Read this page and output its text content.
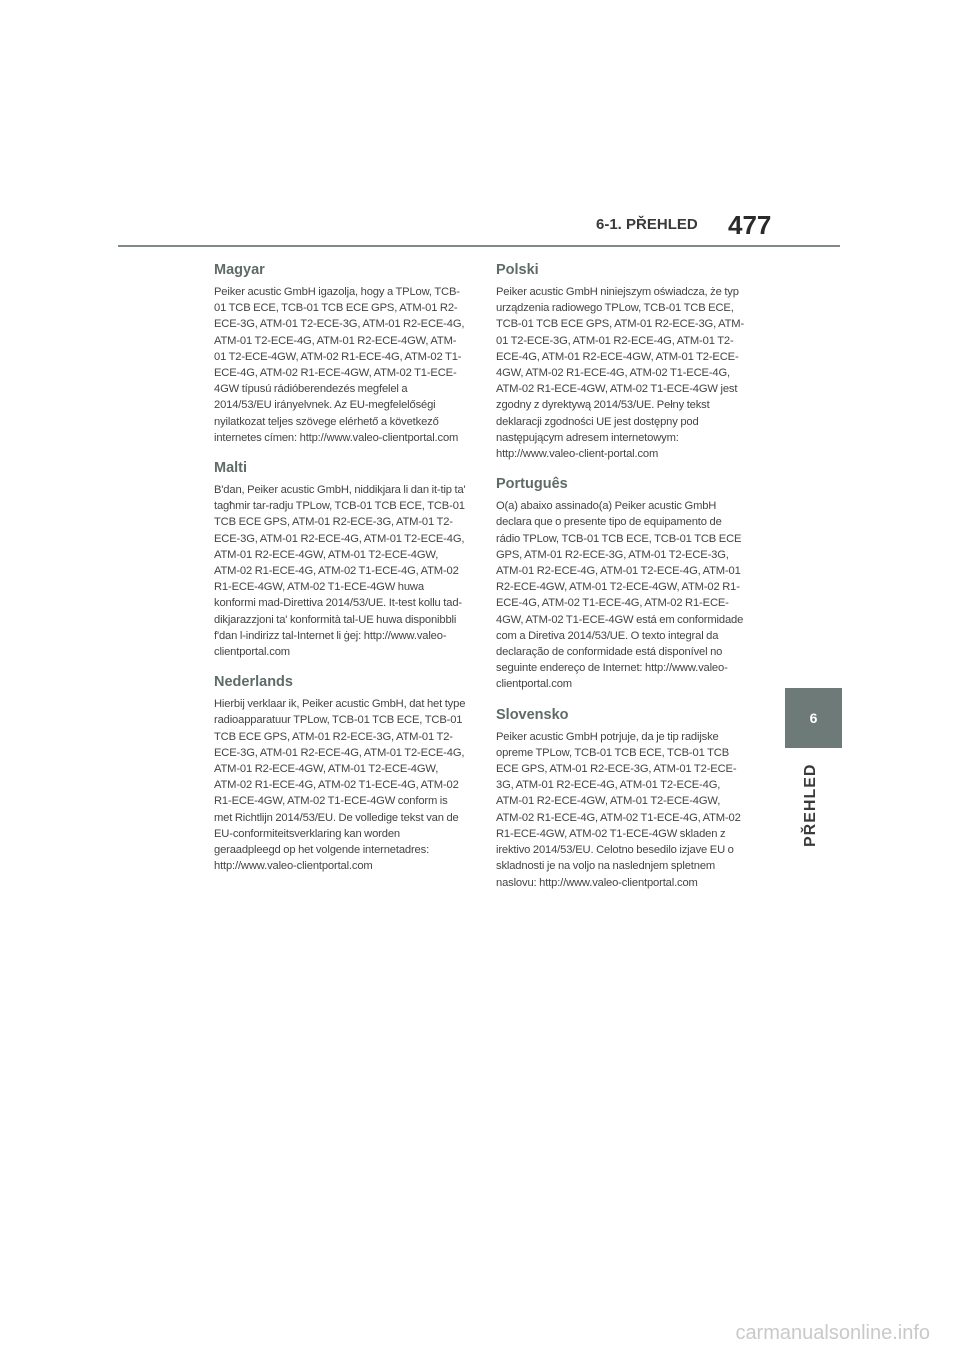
6-1. PŘEHLED 477
6
PŘEHLED
Magyar

Peiker acustic GmbH igazolja, hogy a TPLow, TCB-01 TCB ECE, TCB-01 TCB ECE GPS, ATM-01 R2-ECE-3G, ATM-01 T2-ECE-3G, ATM-01 R2-ECE-4G, ATM-01 T2-ECE-4G, ATM-01 R2-ECE-4GW, ATM-01 T2-ECE-4GW, ATM-02 R1-ECE-4G, ATM-02 T1-ECE-4G, ATM-02 R1-ECE-4GW, ATM-02 T1-ECE-4GW típusú rádióberendezés megfelel a 2014/53/EU irányelvnek. Az EU-megfelelőségi nyilatkozat teljes szövege elérhető a következő internetes címen: http://www.valeo-clientportal.com

Malti

B'dan, Peiker acustic GmbH, niddikjara li dan it-tip ta' tagħmir tar-radju TPLow, TCB-01 TCB ECE, TCB-01 TCB ECE GPS, ATM-01 R2-ECE-3G, ATM-01 T2-ECE-3G, ATM-01 R2-ECE-4G, ATM-01 T2-ECE-4G, ATM-01 R2-ECE-4GW, ATM-01 T2-ECE-4GW, ATM-02 R1-ECE-4G, ATM-02 T1-ECE-4G, ATM-02 R1-ECE-4GW, ATM-02 T1-ECE-4GW huwa konformi mad-Direttiva 2014/53/UE. It-test kollu tad-dikjarazzjoni ta' konformità tal-UE huwa disponibbli f'dan l-indirizz tal-Internet li ġej: http://www.valeo-clientportal.com

Nederlands

Hierbij verklaar ik, Peiker acustic GmbH, dat het type radioapparatuur TPLow, TCB-01 TCB ECE, TCB-01 TCB ECE GPS, ATM-01 R2-ECE-3G, ATM-01 T2-ECE-3G, ATM-01 R2-ECE-4G, ATM-01 T2-ECE-4G, ATM-01 R2-ECE-4GW, ATM-01 T2-ECE-4GW, ATM-02 R1-ECE-4G, ATM-02 T1-ECE-4G, ATM-02 R1-ECE-4GW, ATM-02 T1-ECE-4GW conform is met Richtlijn 2014/53/EU. De volledige tekst van de EU-conformiteitsverklaring kan worden geraadpleegd op het volgende internetadres: http://www.valeo-clientportal.com

Polski

Peiker acustic GmbH niniejszym oświadcza, że typ urządzenia radiowego TPLow, TCB-01 TCB ECE, TCB-01 TCB ECE GPS, ATM-01 R2-ECE-3G, ATM-01 T2-ECE-3G, ATM-01 R2-ECE-4G, ATM-01 T2-ECE-4G, ATM-01 R2-ECE-4GW, ATM-01 T2-ECE-4GW, ATM-02 R1-ECE-4G, ATM-02 T1-ECE-4G, ATM-02 R1-ECE-4GW, ATM-02 T1-ECE-4GW jest zgodny z dyrektywą 2014/53/UE. Pełny tekst deklaracji zgodności UE jest dostępny pod następującym adresem internetowym: http://www.valeo-client-portal.com

Português

O(a) abaixo assinado(a) Peiker acustic GmbH declara que o presente tipo de equipamento de rádio TPLow, TCB-01 TCB ECE, TCB-01 TCB ECE GPS, ATM-01 R2-ECE-3G, ATM-01 T2-ECE-3G, ATM-01 R2-ECE-4G, ATM-01 T2-ECE-4G, ATM-01 R2-ECE-4GW, ATM-01 T2-ECE-4GW, ATM-02 R1-ECE-4G, ATM-02 T1-ECE-4G, ATM-02 R1-ECE-4GW, ATM-02 T1-ECE-4GW está em conformidade com a Diretiva 2014/53/UE. O texto integral da declaração de conformidade está disponível no seguinte endereço de Internet: http://www.valeo-clientportal.com

Slovensko

Peiker acustic GmbH potrjuje, da je tip radijske opreme TPLow, TCB-01 TCB ECE, TCB-01 TCB ECE GPS, ATM-01 R2-ECE-3G, ATM-01 T2-ECE-3G, ATM-01 R2-ECE-4G, ATM-01 T2-ECE-4G, ATM-01 R2-ECE-4GW, ATM-01 T2-ECE-4GW, ATM-02 R1-ECE-4G, ATM-02 T1-ECE-4G, ATM-02 R1-ECE-4GW, ATM-02 T1-ECE-4GW skladen z irektivo 2014/53/EU. Celotno besedilo izjave EU o skladnosti je na voljo na naslednjem spletnem naslovu: http://www.valeo-clientportal.com

carmanualsonline.info
